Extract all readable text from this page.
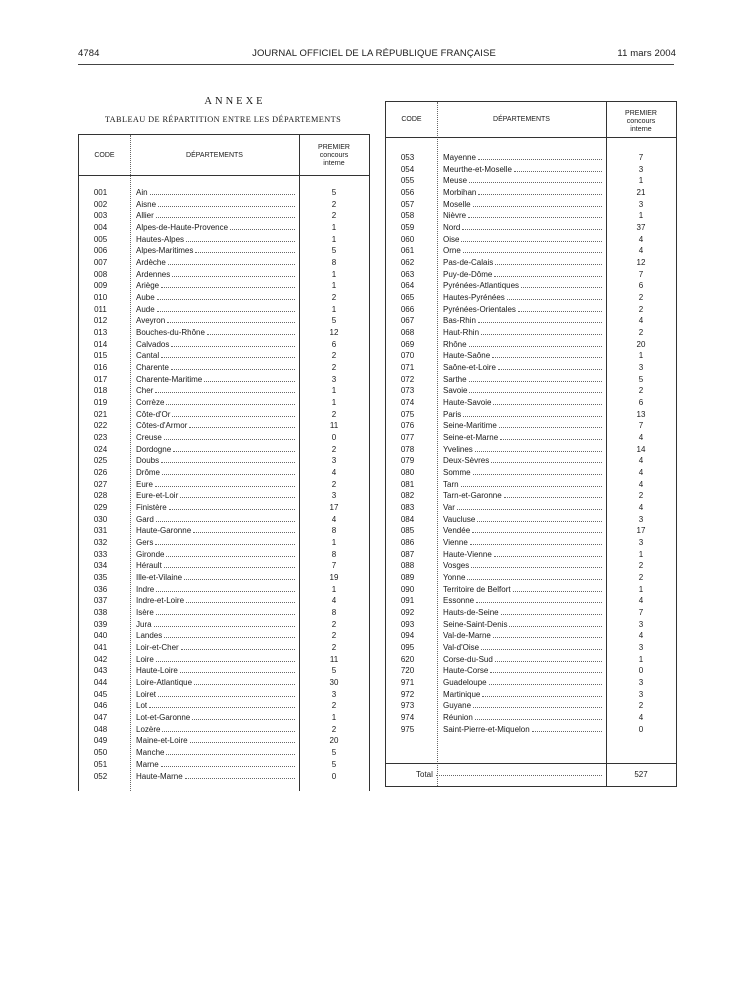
4784	JOURNAL OFFICIEL DE LA RÉPUBLIQUE FRANÇAISE	11 mars 2004
ANNEXE
TABLEAU DE RÉPARTITION ENTRE LES DÉPARTEMENTS
CODE	DÉPARTEMENTS
PREMIER
concours
interne
001	Ain	5
002	Aisne	2
003	Allier	2
004	Alpes-de-Haute-Provence	1
005	Hautes-Alpes	1
006	Alpes-Maritimes	5
007	Ardèche	8
008	Ardennes	1
009	Ariège	1
010	Aube	2
011	Aude	1
012	Aveyron	5
013	Bouches-du-Rhône	12
014	Calvados	6
015	Cantal	2
016	Charente	2
017	Charente-Maritime	3
018	Cher	1
019	Corrèze	1
021	Côte-d'Or	2
022	Côtes-d'Armor	11
023	Creuse	0
024	Dordogne	2
025	Doubs	3
026	Drôme	4
027	Eure	2
028	Eure-et-Loir	3
029	Finistère	17
030	Gard	4
031	Haute-Garonne	8
032	Gers	1
033	Gironde	8
034	Hérault	7
035	Ille-et-Vilaine	19
036	Indre	1
037	Indre-et-Loire	4
038	Isère	8
039	Jura	2
040	Landes	2
041	Loir-et-Cher	2
042	Loire	11
043	Haute-Loire	5
044	Loire-Atlantique	30
045	Loiret	3
046	Lot	2
047	Lot-et-Garonne	1
048	Lozère	2
049	Maine-et-Loire	20
050	Manche	5
051	Marne	5
052	Haute-Marne	0
CODE	DÉPARTEMENTS
PREMIER
concours
interne
053	Mayenne	7
054	Meurthe-et-Moselle	3
055	Meuse	1
056	Morbihan	21
057	Moselle	3
058	Nièvre	1
059	Nord	37
060	Oise	4
061	Orne	4
062	Pas-de-Calais	12
063	Puy-de-Dôme	7
064	Pyrénées-Atlantiques	6
065	Hautes-Pyrénées	2
066	Pyrénées-Orientales	2
067	Bas-Rhin	4
068	Haut-Rhin	2
069	Rhône	20
070	Haute-Saône	1
071	Saône-et-Loire	3
072	Sarthe	5
073	Savoie	2
074	Haute-Savoie	6
075	Paris	13
076	Seine-Maritime	7
077	Seine-et-Marne	4
078	Yvelines	14
079	Deux-Sèvres	4
080	Somme	4
081	Tarn	4
082	Tarn-et-Garonne	2
083	Var	4
084	Vaucluse	3
085	Vendée	17
086	Vienne	3
087	Haute-Vienne	1
088	Vosges	2
089	Yonne	2
090	Territoire de Belfort	1
091	Essonne	4
092	Hauts-de-Seine	7
093	Seine-Saint-Denis	3
094	Val-de-Marne	4
095	Val-d'Oise	3
620	Corse-du-Sud	1
720	Haute-Corse	0
971	Guadeloupe	3
972	Martinique	3
973	Guyane	2
974	Réunion	4
975	Saint-Pierre-et-Miquelon	0
Total	527
